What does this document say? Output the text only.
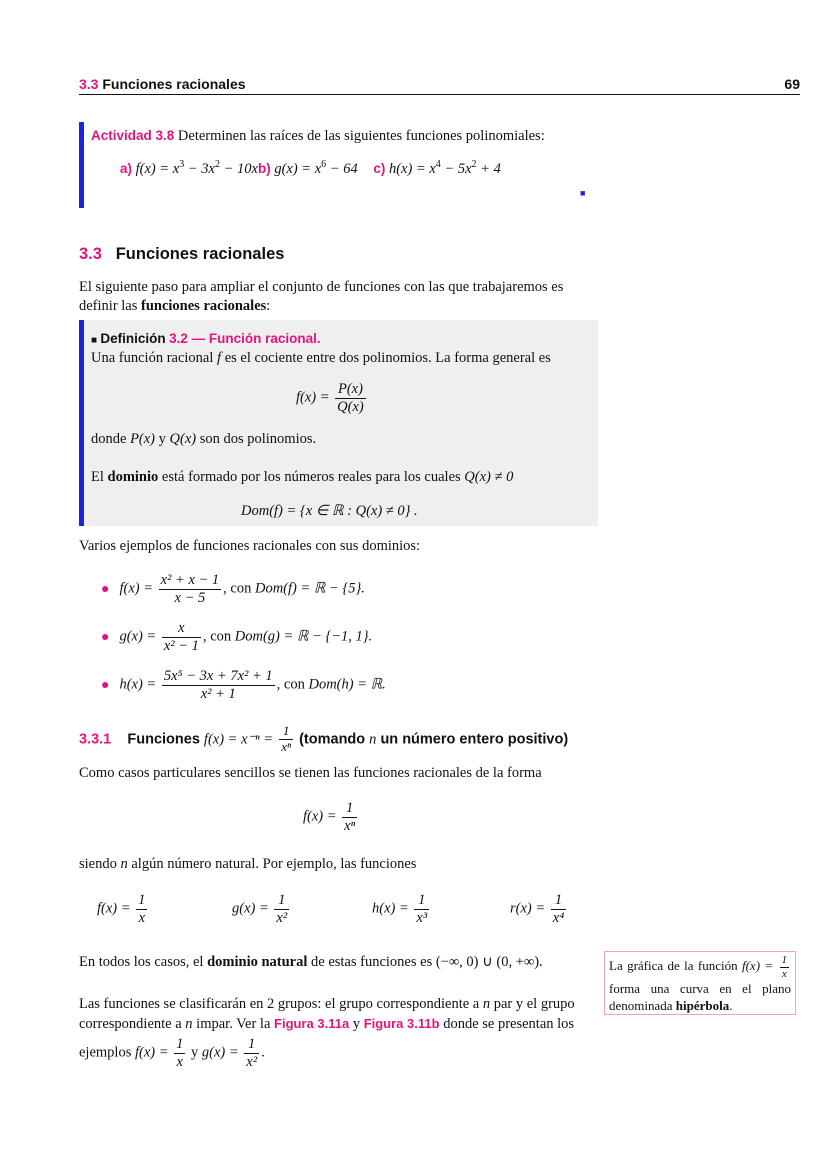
3.3 Funciones racionales	69
Actividad 3.8 Determinen las raíces de las siguientes funciones polinomiales:
a) $f(x) = x^3 - 3x^2 - 10xb$) $g(x) = x^6 - 64$ c) $h(x) = x^4 - 5x^2 + 4$
■
3.3 Funciones racionales
El siguiente paso para ampliar el conjunto de funciones con las que trabajaremos es
definir las funciones racionales:
■ Definición 3.2 — Función racional.
Una función racional f es el cociente entre dos polinomios. La forma general es
$f(x) = \frac{P(x)}{Q(x)}$
donde P(x) y Q(x) son dos polinomios.
El dominio está formado por los números reales para los cuales Q(x) ≠ 0
Dom(f) = {x ∈ ℝ : Q(x) ≠ 0} .
Varios ejemplos de funciones racionales con sus dominios:
● $f(x) = \frac{\text{x² + x − 1}}{x - 5}$ , con Dom(f) = ℝ − {5}.
● $g(x) = \frac{x}{\text{x² − 1}}$ , con Dom(g) = ℝ − {−1, 1}.
● $h(x) = \frac{\text{5x⁵ − 3x + 7x² + 1}}{\text{x² + 1}}$ , con Dom(h) = ℝ.
3.3.1 Funciones $f(x) = x^{-n} = \frac{1}{\text{xⁿ}}$ (tomando n un número entero positivo)
Como casos particulares sencillos se tienen las funciones racionales de la forma
$f(x) = \frac{1}{\text{xⁿ}}$
siendo n algún número natural. Por ejemplo, las funciones
$f(x) = \frac{1}{x}$	$g(x) = \frac{1}{\text{x²}}$	$h(x) = \frac{1}{\text{x³}}$	$r(x) = \frac{1}{\text{x⁴}}$
En todos los casos, el dominio natural de estas funciones es (−∞, 0) ∪ (0, +∞).
Las funciones se clasificarán en 2 grupos: el grupo correspondiente a n par y el grupo
correspondiente a n impar. Ver la Figura 3.11a y Figura 3.11b donde se presentan los
ejemplos $f(x) = \frac{1}{x}$ y $g(x) = \frac{1}{\text{x²}}$ .
La gráfica de la función $f(x) = \frac{1}{x}$
forma una curva en el plano denominada hipérbola.
